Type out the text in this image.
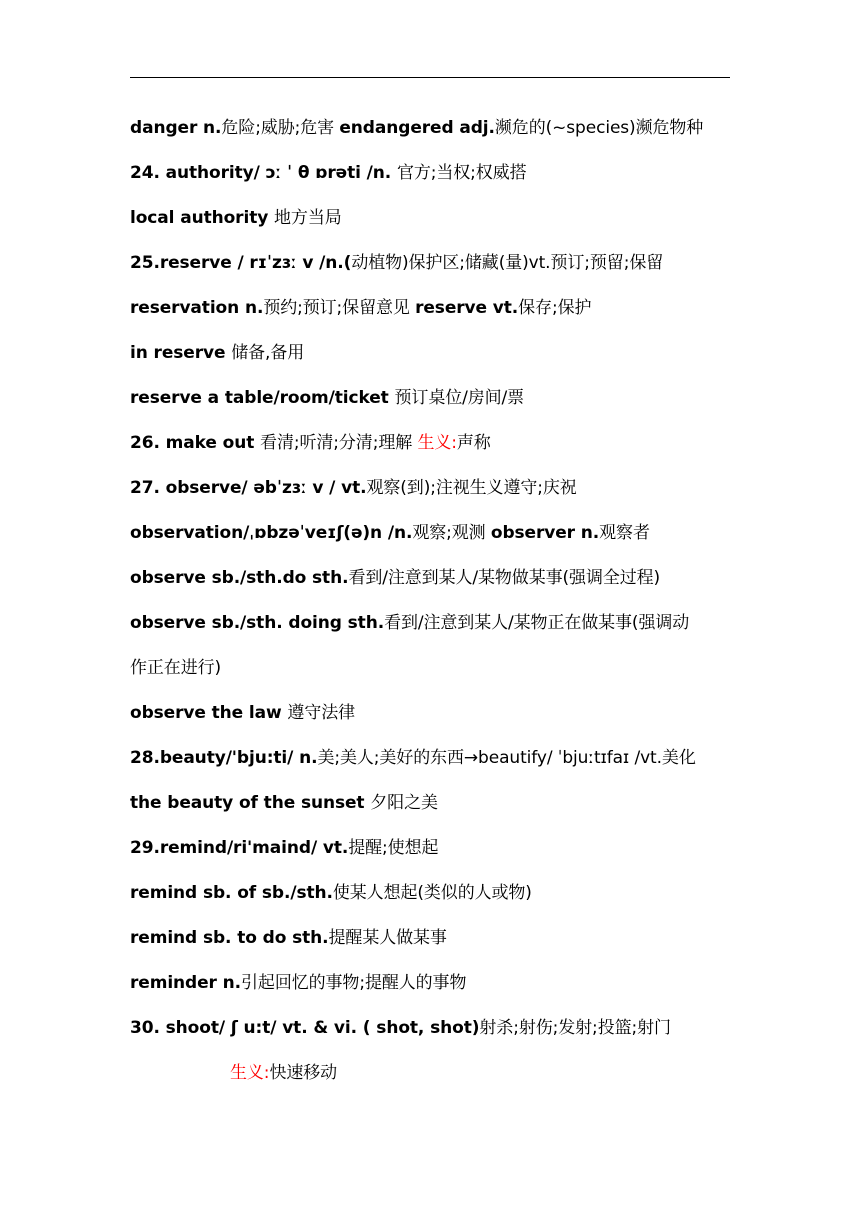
danger n.危险;威胁;危害 endangered adj.濒危的(~species)濒危物种
24. authority/ ɔː ˈ θ ɒrəti /n. 官方;当权;权威搭
local authority 地方当局
25.reserve / rɪˈzɜː v /n.(动植物)保护区;储藏(量)vt.预订;预留;保留
reservation n.预约;预订;保留意见 reserve vt.保存;保护
in reserve 储备,备用
reserve a table/room/ticket 预订桌位/房间/票
26. make out 看清;听清;分清;理解 生义:声称
27. observe/ əbˈzɜː v / vt.观察(到);注视生义遵守;庆祝
observation/ˌɒbzəˈveɪʃ(ə)n /n.观察;观测 observer n.观察者
observe sb./sth.do sth.看到/注意到某人/某物做某事(强调全过程)
observe sb./sth. doing sth.看到/注意到某人/某物正在做某事(强调动
作正在进行)
observe the law 遵守法律
28.beauty/'bju:ti/ n.美;美人;美好的东西→beautify/ ˈbjuːtɪfaɪ /vt.美化
the beauty of the sunset 夕阳之美
29.remind/ri'maind/ vt.提醒;使想起
remind sb. of sb./sth.使某人想起(类似的人或物)
remind sb. to do sth.提醒某人做某事
reminder n.引起回忆的事物;提醒人的事物
30. shoot/ ʃ u:t/ vt. & vi. ( shot, shot)射杀;射伤;发射;投篮;射门
生义:快速移动
